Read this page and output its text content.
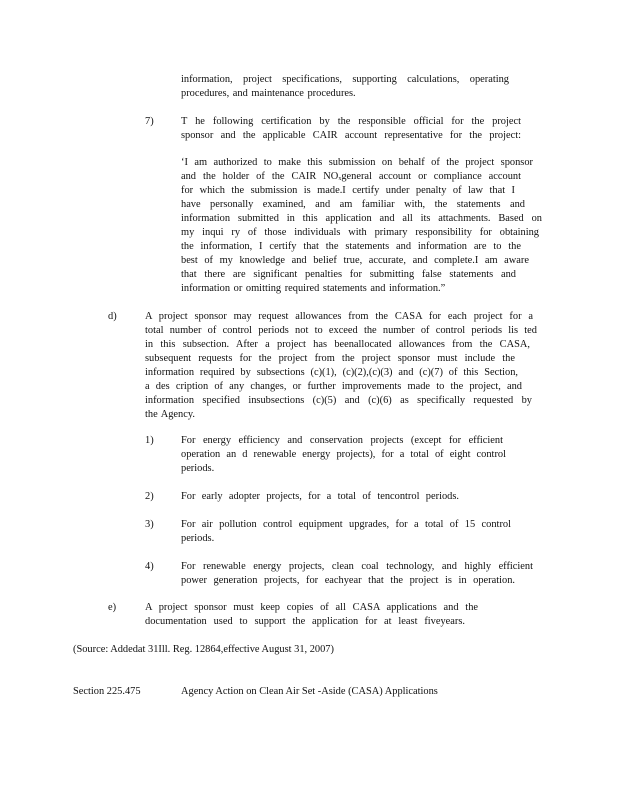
information, project specifications, supporting calculations, operating
procedures, and maintenance procedures.
7)	T he following certification by the responsible official for the project
sponsor and the applicable CAIR account representative for the project:
‘I am authorized to make this submission on behalf of the project sponsor
and the holder of the CAIR NOₓgeneral account or compliance account
for which the submission is made.I certify under penalty of law that I
have personally examined, and am familiar with, the statements and
information submitted in this application and all its attachments. Based on
my inqui ry of those individuals with primary responsibility for obtaining
the information, I certify that the statements and information are to the
best of my knowledge and belief true, accurate, and complete.I am aware
that there are significant penalties for submitting false statements and
information or omitting required statements and information.”
d)	A project sponsor may request allowances from the CASA for each project for a
total number of control periods not to exceed the number of control periods lis ted
in this subsection. After a project has beenallocated allowances from the CASA,
subsequent requests for the project from the project sponsor must include the
information required by subsections (c)(1), (c)(2),(c)(3) and (c)(7) of this Section,
a des cription of any changes, or further improvements made to the project, and
information specified insubsections (c)(5) and (c)(6) as specifically requested by
the Agency.
1)	For energy efficiency and conservation projects (except for efficient
operation an d renewable energy projects), for a total of eight control
periods.
2)	For early adopter projects, for a total of tencontrol periods.
3)	For air pollution control equipment upgrades, for a total of 15 control
periods.
4)	For renewable energy projects, clean coal technology, and highly efficient
power generation projects, for eachyear that the project is in operation.
e)	A project sponsor must keep copies of all CASA applications and the
documentation used to support the application for at least fiveyears.
(Source: Addedat 31Ill. Reg. 12864,effective August 31, 2007)
Section 225.475	Agency Action on Clean Air Set -Aside (CASA) Applications
